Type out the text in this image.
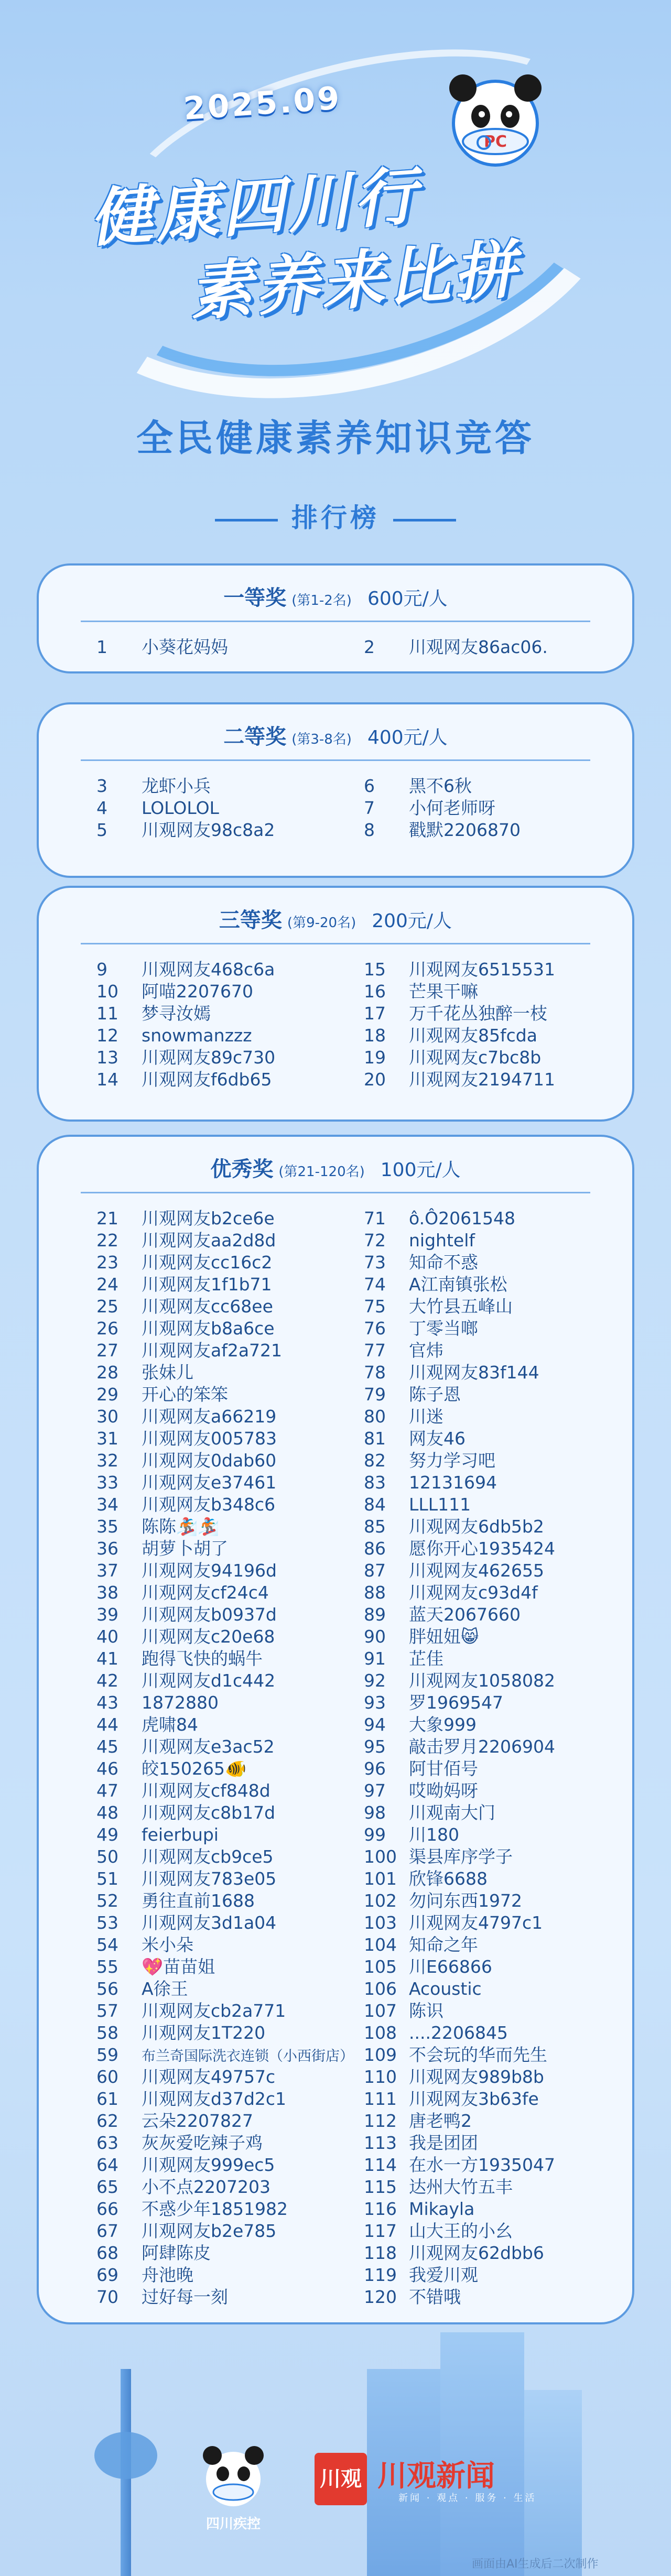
2025.09
健康四川行
素养来比拼
PC
全民健康素养知识竞答
排行榜
一等奖 (第1-2名) 600元/人
1 小葵花妈妈	2 川观网友86ac06.
二等奖 (第3-8名) 400元/人
3 龙虾小兵
4 LOLOLOL
5 川观网友98c8a2
6 黑不6秋
7 小何老师呀
8 戳默2206870
三等奖 (第9-20名) 200元/人
9 川观网友468c6a
10 阿喵2207670
11 梦寻汝嫣
12 snowmanzzz
13 川观网友89c730
14 川观网友f6db65
15 川观网友6515531
16 芒果干嘛
17 万千花丛独醉一枝
18 川观网友85fcda
19 川观网友c7bc8b
20 川观网友2194711
优秀奖 (第21-120名) 100元/人
21 川观网友b2ce6e
22 川观网友aa2d8d
23 川观网友cc16c2
24 川观网友1f1b71
25 川观网友cc68ee
26 川观网友b8a6ce
27 川观网友af2a721
28 张妹儿
29 开心的笨笨
30 川观网友a66219
31 川观网友005783
32 川观网友0dab60
33 川观网友e37461
34 川观网友b348c6
35 陈陈🏂🏂
36 胡萝卜胡了
37 川观网友94196d
38 川观网友cf24c4
39 川观网友b0937d
40 川观网友c20e68
41 跑得飞快的蜗牛
42 川观网友d1c442
43 1872880
44 虎啸84
45 川观网友e3ac52
46 皎150265🐠
47 川观网友cf848d
48 川观网友c8b17d
49 feierbupi
50 川观网友cb9ce5
51 川观网友783e05
52 勇往直前1688
53 川观网友3d1a04
54 米小朵
55 💖苗苗姐
56 A徐王
57 川观网友cb2a771
58 川观网友1T220
59 布兰奇国际洗衣连锁（小西街店）
60 川观网友49757c
61 川观网友d37d2c1
62 云朵2207827
63 灰灰爱吃辣子鸡
64 川观网友999ec5
65 小不点2207203
66 不惑少年1851982
67 川观网友b2e785
68 阿肆陈皮
69 舟池晚
70 过好每一刻
71 ô.Ô2061548
72 nightelf
73 知命不惑
74 A江南镇张松
75 大竹县五峰山
76 丁零当啷
77 官炜
78 川观网友83f144
79 陈子恩
80 川迷
81 网友46
82 努力学习吧
83 12131694
84 LLL111
85 川观网友6db5b2
86 愿你开心1935424
87 川观网友462655
88 川观网友c93d4f
89 蓝天2067660
90 胖妞妞😸
91 芷佳
92 川观网友1058082
93 罗1969547
94 大象999
95 敲击罗月2206904
96 阿甘佰号
97 哎呦妈呀
98 川观南大门
99 川180
100 渠县库序学子
101 欣锋6688
102 勿问东西1972
103 川观网友4797c1
104 知命之年
105 川E66866
106 Acoustic
107 陈识
108 ....2206845
109 不会玩的华而先生
110 川观网友989b8b
111 川观网友3b63fe
112 唐老鸭2
113 我是团团
114 在水一方1935047
115 达州大竹五丰
116 Mikayla
117 山大王的小幺
118 川观网友62dbb6
119 我爱川观
120 不错哦
四川疾控
川观 川观新闻
新闻 · 观点 · 服务 · 生活
画面由AI生成后二次制作
